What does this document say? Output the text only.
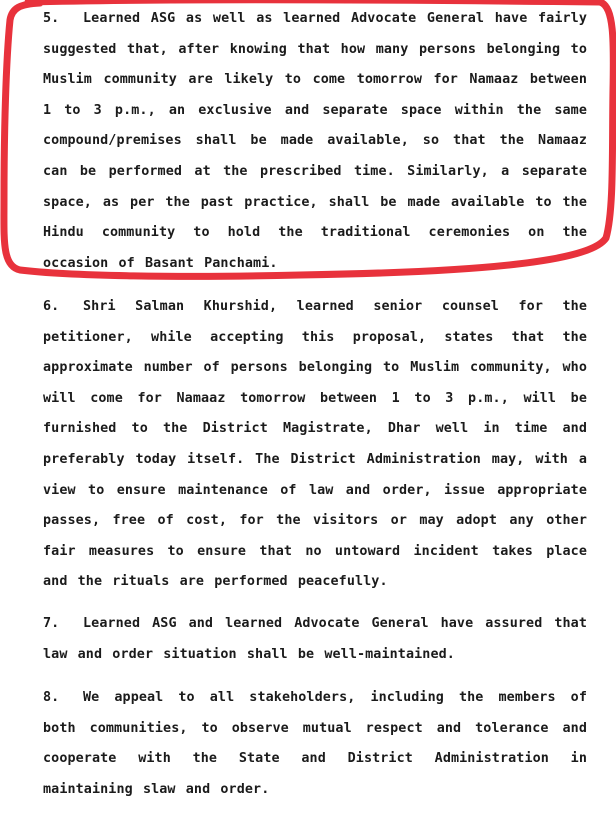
5. Learned ASG as well as learned Advocate General have fairly suggested that, after knowing that how many persons belonging to Muslim community are likely to come tomorrow for Namaaz between 1 to 3 p.m., an exclusive and separate space within the same compound/premises shall be made available, so that the Namaaz can be performed at the prescribed time. Similarly, a separate space, as per the past practice, shall be made available to the Hindu community to hold the traditional ceremonies on the occasion of Basant Panchami.
6. Shri Salman Khurshid, learned senior counsel for the petitioner, while accepting this proposal, states that the approximate number of persons belonging to Muslim community, who will come for Namaaz tomorrow between 1 to 3 p.m., will be furnished to the District Magistrate, Dhar well in time and preferably today itself. The District Administration may, with a view to ensure maintenance of law and order, issue appropriate passes, free of cost, for the visitors or may adopt any other fair measures to ensure that no untoward incident takes place and the rituals are performed peacefully.
7. Learned ASG and learned Advocate General have assured that law and order situation shall be well-maintained.
8. We appeal to all stakeholders, including the members of both communities, to observe mutual respect and tolerance and cooperate with the State and District Administration in maintaining slaw and order.
